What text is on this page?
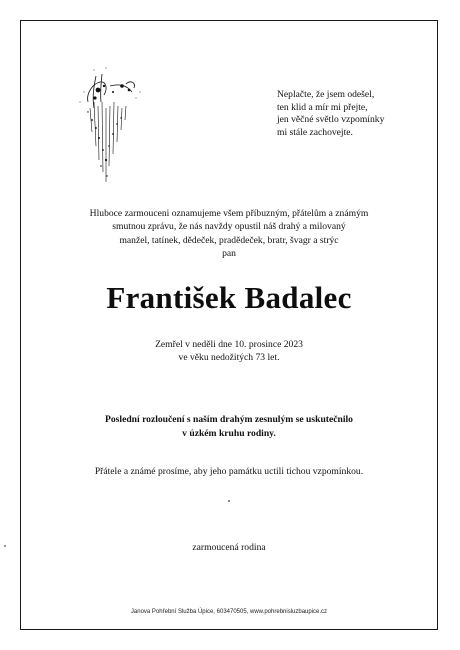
Neplačte, že jsem odešel,
ten klid a mír mi přejte,
jen věčné světlo vzpomínky
mi stále zachovejte.
Hluboce zarmouceni oznamujeme všem příbuzným, přátelům a známým
smutnou zprávu, že nás navždy opustil náš drahý a milovaný
manžel, tatínek, dědeček, pradědeček, bratr, švagr a strýc
pan
František Badalec
Zemřel v neděli dne 10. prosince 2023
ve věku nedožitých 73 let.
Poslední rozloučení s naším drahým zesnulým se uskutečnilo
v úzkém kruhu rodiny.
Přátele a známé prosíme, aby jeho památku uctili tichou vzpomínkou.
zarmoucená rodina
Janova Pohřební Služba Úpice, 603470505, www.pohrebnisluzbaupice.cz
